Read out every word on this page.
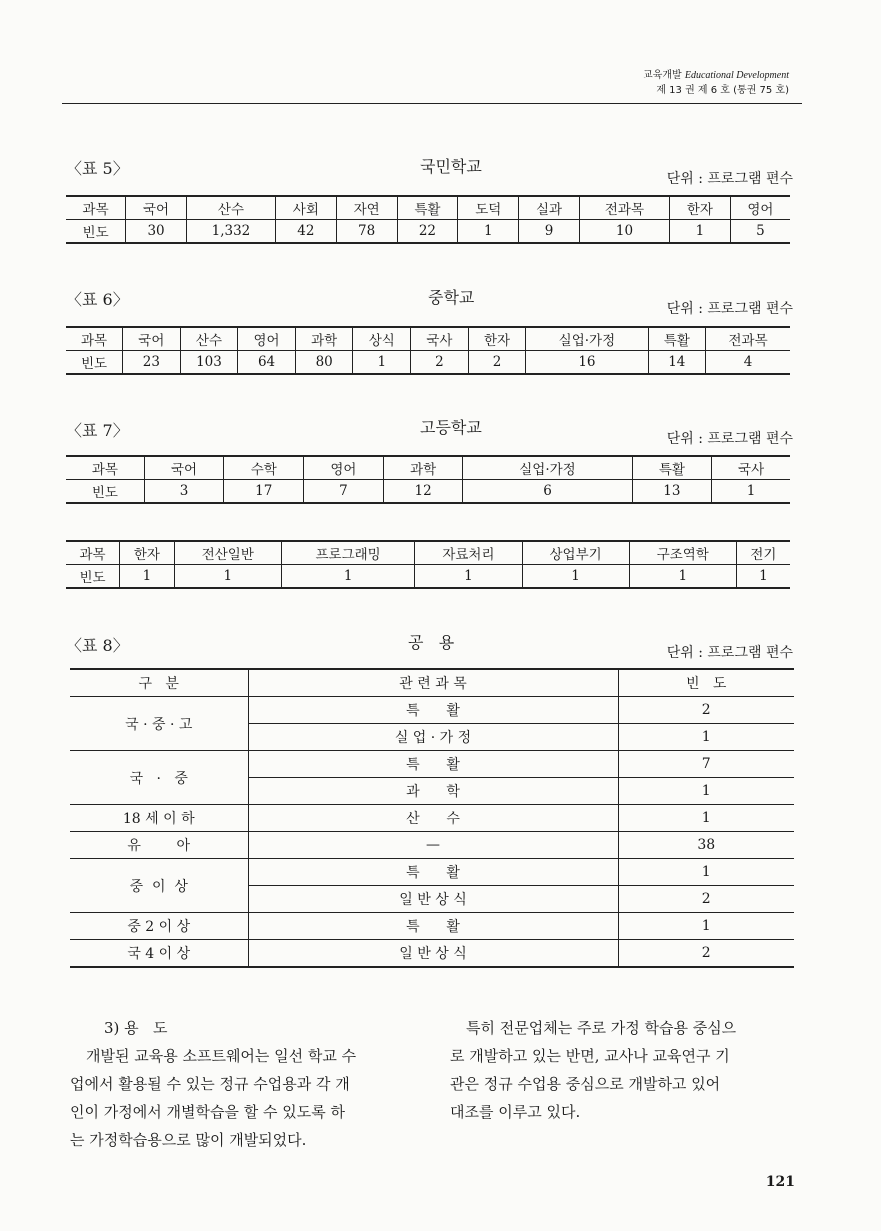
교육개발 Educational Development
제 13 권 제 6 호 (통권 75 호)
〈표 5〉	국민학교
단위 : 프로그램 편수
과목	국어	산수	사회	자연	특활	도덕	실과	전과목	한자	영어
빈도	30	1,332	42	78	22	1	9	10	1	5
〈표 6〉	중학교
단위 : 프로그램 편수
과목	국어	산수	영어	과학	상식	국사	한자	실업·가정	특활	전과목
빈도	23	103	64	80	1	2	2	16	14	4
〈표 7〉	고등학교
단위 : 프로그램 편수
과목	국어	수학	영어	과학	실업·가정	특활	국사
빈도	3	17	7	12	6	13	1
과목	한자	전산일반	프로그래밍	자료처리	상업부기	구조역학	전기
빈도	1	1	1	1	1	1	1
〈표 8〉	공   용
단위 : 프로그램 편수
구   분	관 련 과 목	빈   도
국 · 중 · 고	특      활	2
	실 업 · 가 정	1
국   ·   중	특      활	7
	과      학	1
18 세 이 하	산      수	1
유        아	—	38
중  이  상	특      활	1
	일 반 상 식	2
중 2 이 상	특      활	1
국 4 이 상	일 반 상 식	2
3) 용   도
개발된 교육용 소프트웨어는 일선 학교 수
업에서 활용될 수 있는 정규 수업용과 각 개
인이 가정에서 개별학습을 할 수 있도록 하
는 가정학습용으로 많이 개발되었다.
특히 전문업체는 주로 가정 학습용 중심으
로 개발하고 있는 반면, 교사나 교육연구 기
관은 정규 수업용 중심으로 개발하고 있어
대조를 이루고 있다.
121
